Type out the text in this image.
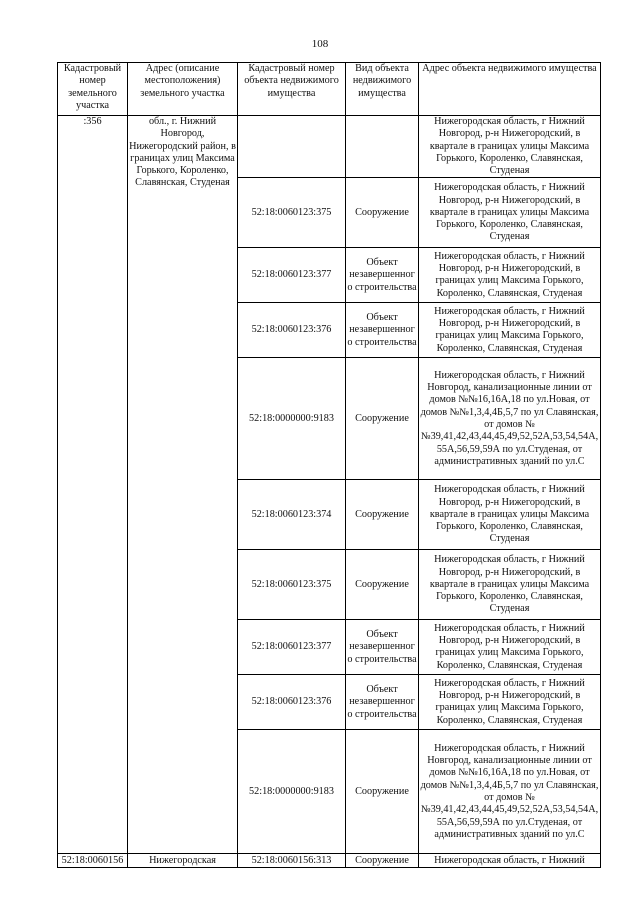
108
Кадастровый номер земельного участка	Адрес (описание местоположения) земельного участка	Кадастровый номер объекта недвижимого имущества	Вид объекта недвижимого имущества	Адрес объекта недвижимого имущества
:356	обл., г. Нижний Новгород, Нижегородский район, в границах улиц Максима Горького, Короленко, Славянская, Студеная			Нижегородская область, г Нижний Новгород, р-н Нижегородский, в квартале в границах улицы Максима Горького, Короленко, Славянская, Студеная
		52:18:0060123:375	Сооружение	Нижегородская область, г Нижний Новгород, р-н Нижегородский, в квартале в границах улицы Максима Горького, Короленко, Славянская, Студеная
		52:18:0060123:377	Объект незавершенного строительства	Нижегородская область, г Нижний Новгород, р-н Нижегородский, в границах улиц Максима Горького, Короленко, Славянская, Студеная
		52:18:0060123:376	Объект незавершенного строительства	Нижегородская область, г Нижний Новгород, р-н Нижегородский, в границах улиц Максима Горького, Короленко, Славянская, Студеная
		52:18:0000000:9183	Сооружение	Нижегородская область, г Нижний Новгород, канализационные линии от домов №№16,16А,18 по ул.Новая, от домов №№1,3,4,4Б,5,7 по ул Славянская, от домов №№39,41,42,43,44,45,49,52,52А,53,54,54А,55А,56,59,59А по ул.Студеная, от административных зданий по ул.С
		52:18:0060123:374	Сооружение	Нижегородская область, г Нижний Новгород, р-н Нижегородский, в квартале в границах улицы Максима Горького, Короленко, Славянская, Студеная
		52:18:0060123:375	Сооружение	Нижегородская область, г Нижний Новгород, р-н Нижегородский, в квартале в границах улицы Максима Горького, Короленко, Славянская, Студеная
		52:18:0060123:377	Объект незавершенного строительства	Нижегородская область, г Нижний Новгород, р-н Нижегородский, в границах улиц Максима Горького, Короленко, Славянская, Студеная
		52:18:0060123:376	Объект незавершенного строительства	Нижегородская область, г Нижний Новгород, р-н Нижегородский, в границах улиц Максима Горького, Короленко, Славянская, Студеная
		52:18:0000000:9183	Сооружение	Нижегородская область, г Нижний Новгород, канализационные линии от домов №№16,16А,18 по ул.Новая, от домов №№1,3,4,4Б,5,7 по ул Славянская, от домов №№39,41,42,43,44,45,49,52,52А,53,54,54А,55А,56,59,59А по ул.Студеная, от административных зданий по ул.С
52:18:0060156	Нижегородская	52:18:0060156:313	Сооружение	Нижегородская область, г Нижний
